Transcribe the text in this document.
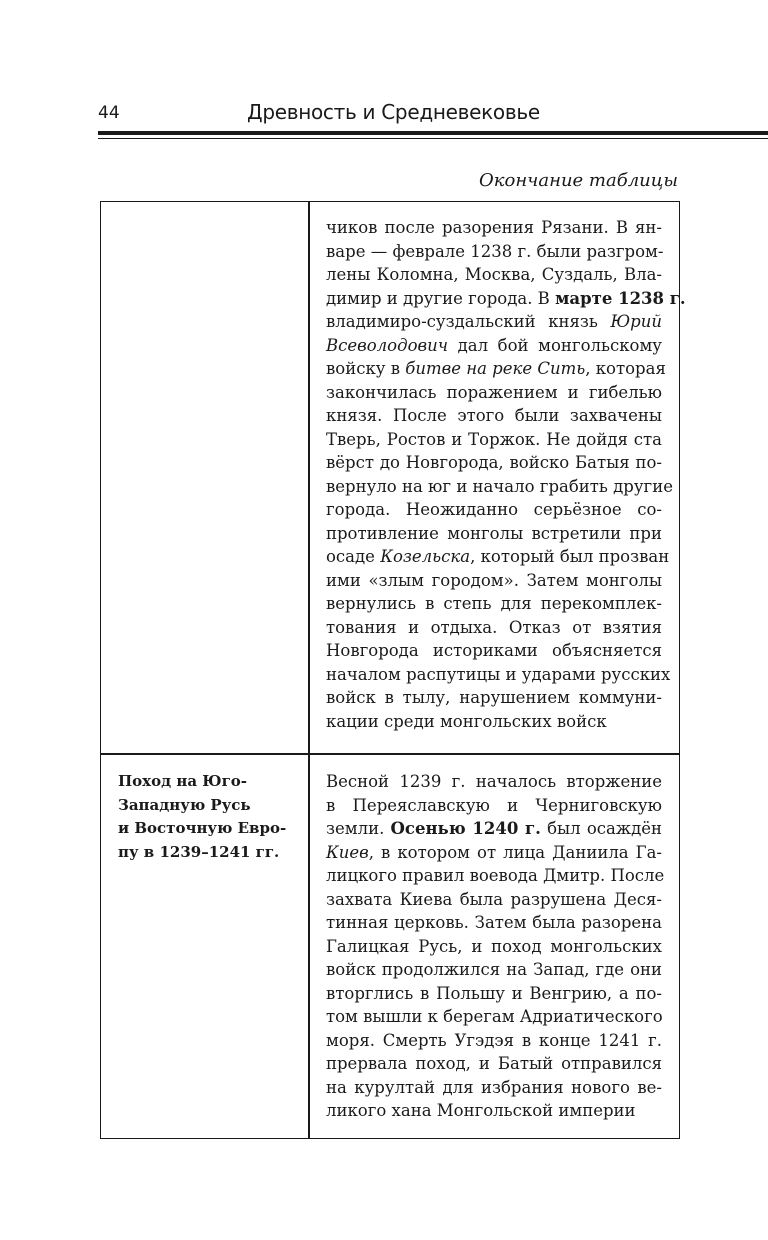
44	Древность и Средневековье
Окончание таблицы
чиков после разорения Рязани. В ян-
варе — феврале 1238 г. были разгром-
лены Коломна, Москва, Суздаль, Вла-
димир и другие города. В марте 1238 г.
владимиро-суздальский князь Юрий
Всеволодович дал бой монгольскому
войску в битве на реке Сить, которая
закончилась поражением и гибелью
князя. После этого были захвачены
Тверь, Ростов и Торжок. Не дойдя ста
вёрст до Новгорода, войско Батыя по-
вернуло на юг и начало грабить другие
города. Неожиданно серьёзное со-
противление монголы встретили при
осаде Козельска, который был прозван
ими «злым городом». Затем монголы
вернулись в степь для перекомплек-
тования и отдыха. Отказ от взятия
Новгорода историками объясняется
началом распутицы и ударами русских
войск в тылу, нарушением коммуни-
кации среди монгольских войск
Поход на Юго-
Западную Русь
и Восточную Евро-
пу в 1239–1241 гг.
Весной 1239 г. началось вторжение
в Переяславскую и Черниговскую
земли. Осенью 1240 г. был осаждён
Киев, в котором от лица Даниила Га-
лицкого правил воевода Дмитр. После
захвата Киева была разрушена Деся-
тинная церковь. Затем была разорена
Галицкая Русь, и поход монгольских
войск продолжился на Запад, где они
вторглись в Польшу и Венгрию, а по-
том вышли к берегам Адриатического
моря. Смерть Угэдэя в конце 1241 г.
прервала поход, и Батый отправился
на курултай для избрания нового ве-
ликого хана Монгольской империи
